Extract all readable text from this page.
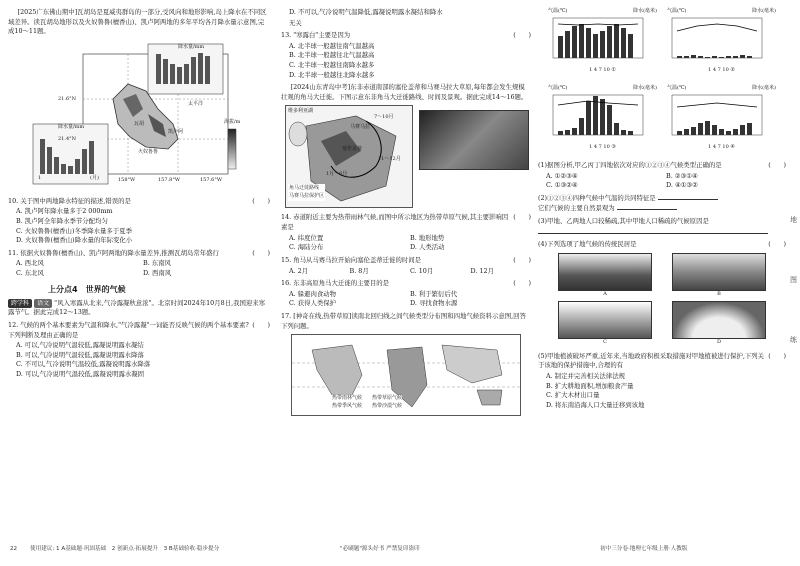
[2025广东佛山期中]瓦胡岛是夏威夷群岛的一部分,受风向和地形影响,岛上降水在不同区域差异。读瓦胡岛地形以及火奴鲁鲁(檀香山)、凯卢阿两地的多年平均各月降水量示意图,完成10～11题。

21.6°N
21.4°N
158°W	157.8°W	157.6°W
太平洋
瓦胡
降水量/mm
降水量/mm
海拔/m
凯卢阿
火奴鲁鲁
1	(月)
(　　)

10. 关于图中两地降水特征的描述,错误的是

A. 凯卢阿年降水量多于2 000mm
B. 凯卢阿全年降水季节分配均匀
C. 火奴鲁鲁(檀香山)冬季降水量多于夏季
D. 火奴鲁鲁(檀香山)降水量的年际变化小
(　　)

11. 依据火奴鲁鲁(檀香山)、凯卢阿两地的降水量差异,推测瓦胡岛常年盛行

A. 西北风	B. 东南风
C. 东北风	D. 西南风
上分点4　世界的气候

跨学科 语文 "风入寒露从北来,气冷露凝秋意浓"。北京时间2024年10月8日,我国迎来寒露节气。据此完成12～13题。

(　　)

12. 气候的两个基本要素为气温和降水,"气冷露凝"一词能否反映气候的两个基本要素?下列判断及理由正确的是

A. 可以,气冷说明气温较低,露凝说明露水凝结
B. 可以,气冷说明气温较低,露凝说明露水降落
C. 不可以,气冷说明气温较低,露凝说明露水降落
D. 可以,气冷说明气温较低,露凝说明露水凝固

D. 不可以,气冷说明气温降低,露凝说明露水凝结和降水

无关

(　　)

13. "寒露白"主要是因为

A. 北半球一般越往南气温越高
B. 北半球一般越往北气温越高
C. 北半球一般越往南降水越多
D. 北半球一般越往北降水越多

[2024山东青岛中考]东非赤道南部的塞伦盖蒂和马赛马拉大草原,每年都会发生规模壮观的角马大迁徙。下图示意东非角马大迁徙路线、时间及景观。据此完成14～16题。

维多利亚湖
7～10月
1月～6月
11～12月
塞伦盖蒂
马赛马拉
角马迁徙路线
马赛马拉保护区
(　　)

14. 赤道附近主要为热带雨林气候,而图中所示地区为热带草原气候,其主要影响因素是

A. 纬度位置	B. 地形地势
C. 海陆分布	D. 人类活动
(　　)

15. 角马从马赛马拉开始向塞伦盖蒂迁徙的时间是

A. 2月	B. 8月	C. 10月	D. 12月
(　　)

16. 东非高原角马大迁徙的主要目的是

A. 躲避肉食动物	B. 利于繁衍后代
C. 获得人类保护	D. 寻找食物水源

17. [神奇在线,热带草原]读南北回归线之间气候类型分布图和四地气候资料示意图,回答下列问题。

热带雨林气候 热带草原气候
热带季风气候 热带沙漠气候
气温(℃)	降水(毫米)
1 4 7 10 ①
气温(℃)	降水(毫米)
1 4 7 10 ②
气温(℃)	降水(毫米)
1 4 7 10 ③
气温(℃)	降水(毫米)
1 4 7 10 ④
(　　)

(1)据图分析,甲乙丙丁四地依次对应的①②③④气候类型正确的是

A. ①②③④	B. ②③①④
C. ①③②④	D. ④①③②

(2)①②③④四种气候中气温的共同特征是

它们气候的主要自然景观为

(3)甲地、乙两地人口较稀疏,其中甲地人口稀疏的气候原因是

(　　)

(4)下列选项了地气候的传统民居是

A	B
C	D
(　　)

(5)甲地植被破坏严重,近年来,当地政府积极采取措施对甲地植被进行保护,下列关于该地的保护措施中,合理的有

A. 制定并完善相关法律法规
B. 扩大耕地面积,增加粮食产量
C. 扩大木材出口量
D. 将东南沿海人口大量迁移到该地
地
图
练
22 使用建议: 1 A基础题·巩固基础　2 创新点·拓展提升　3 B基础验收·稳步提分	"必刷题"源头好书 严禁复印盗印	初中三分卷·地理七年级上册·人教版
